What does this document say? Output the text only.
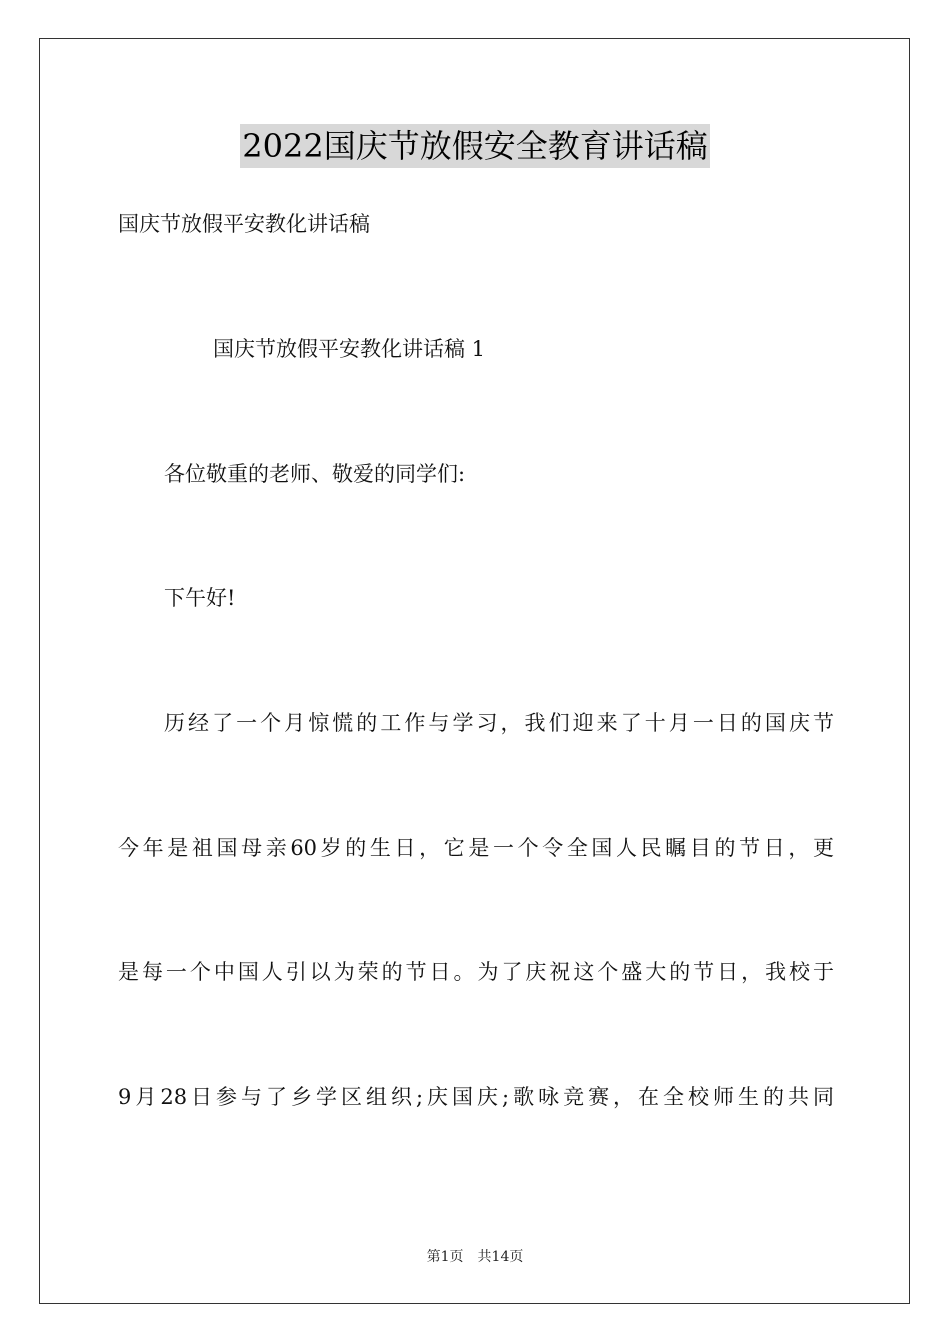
2022国庆节放假安全教育讲话稿
国庆节放假平安教化讲话稿
国庆节放假平安教化讲话稿 1
各位敬重的老师、敬爱的同学们:
下午好!
历经了一个月惊慌的工作与学习，我们迎来了十月一日的国庆节
今年是祖国母亲60岁的生日，它是一个令全国人民瞩目的节日，更
是每一个中国人引以为荣的节日。为了庆祝这个盛大的节日，我校于
9月28日参与了乡学区组织;庆国庆;歌咏竞赛，在全校师生的共同
第1页 共14页
